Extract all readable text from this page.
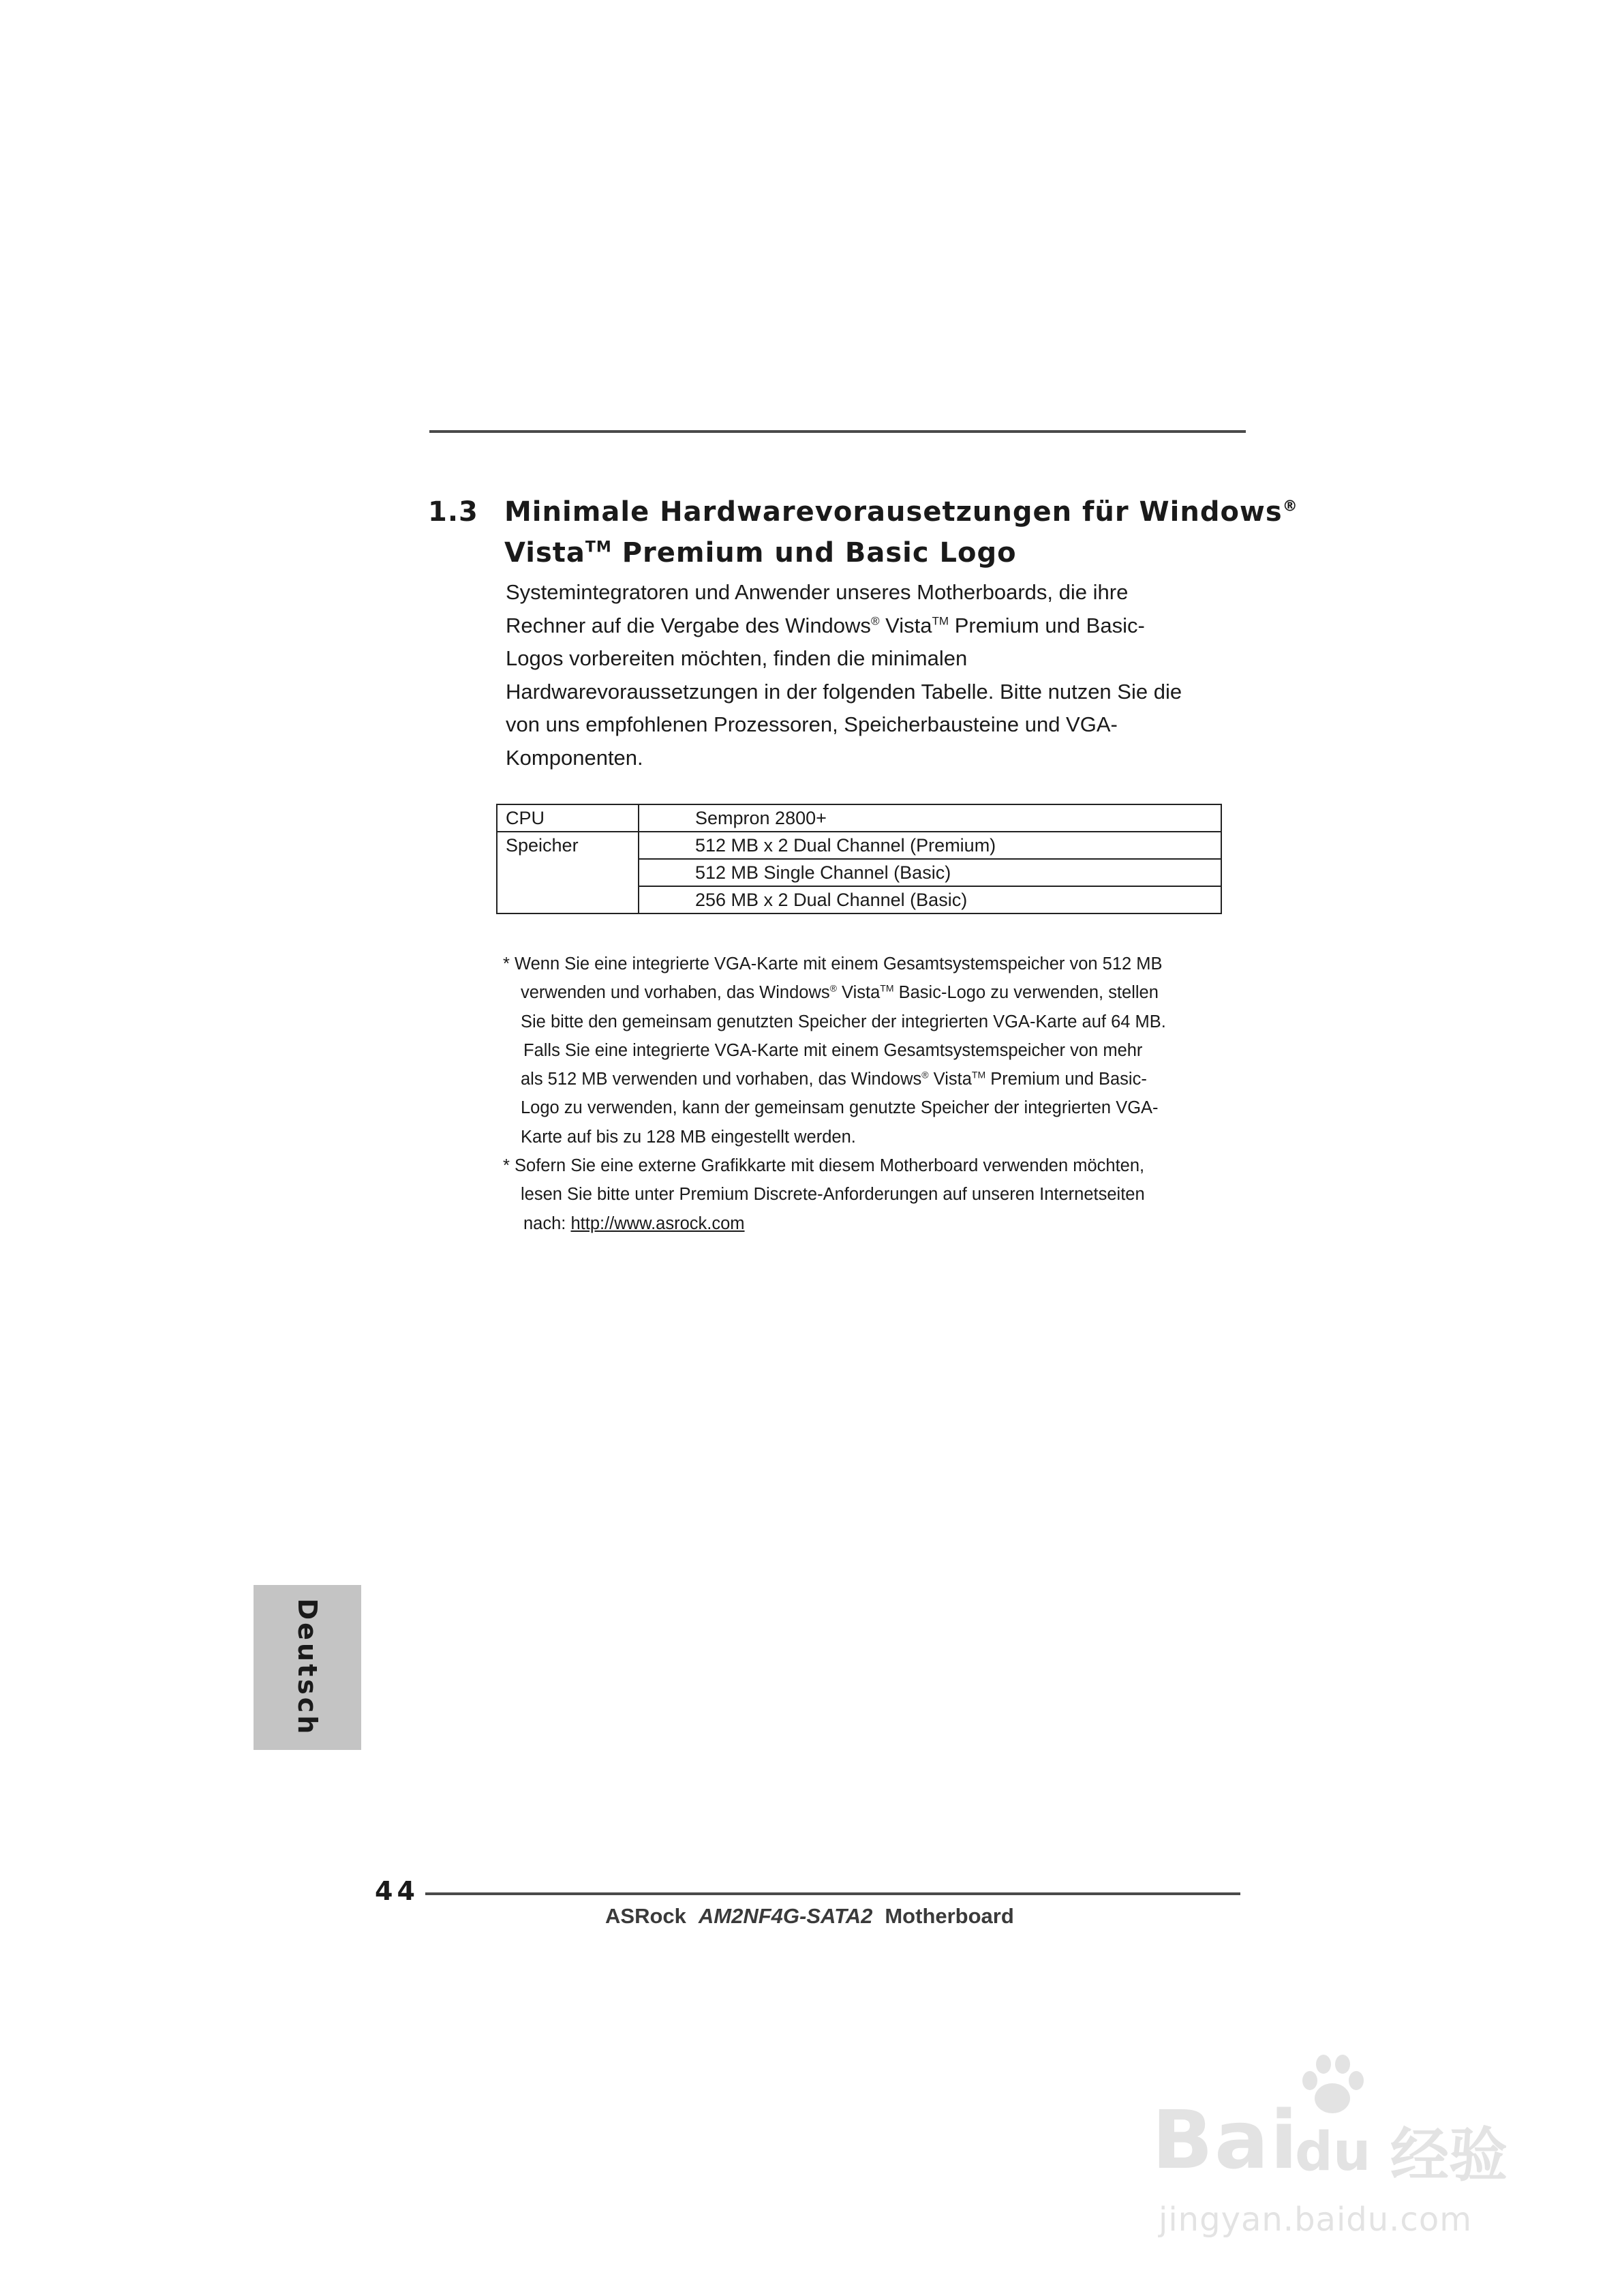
1.3 Minimale Hardwarevorausetzungen für Windows®
Vista™ Premium und Basic Logo

Systemintegratoren und Anwender unseres Motherboards, die ihre

Rechner auf die Vergabe des Windows® Vista™ Premium und Basic-

Logos vorbereiten möchten, finden die minimalen

Hardwarevoraussetzungen in der folgenden Tabelle. Bitte nutzen Sie die

von uns empfohlenen Prozessoren, Speicherbausteine und VGA-

Komponenten.

CPU	Sempron 2800+
Speicher	512 MB x 2 Dual Channel (Premium)
	512 MB Single Channel (Basic)
	256 MB x 2 Dual Channel (Basic)

* Wenn Sie eine integrierte VGA-Karte mit einem Gesamtsystemspeicher von 512 MB

verwenden und vorhaben, das Windows® Vista™ Basic-Logo zu verwenden, stellen

Sie bitte den gemeinsam genutzten Speicher der integrierten VGA-Karte auf 64 MB.

Falls Sie eine integrierte VGA-Karte mit einem Gesamtsystemspeicher von mehr

als 512 MB verwenden und vorhaben, das Windows® Vista™ Premium und Basic-

Logo zu verwenden, kann der gemeinsam genutzte Speicher der integrierten VGA-

Karte auf bis zu 128 MB eingestellt werden.

* Sofern Sie eine externe Grafikkarte mit diesem Motherboard verwenden möchten,

lesen Sie bitte unter Premium Discrete-Anforderungen auf unseren Internetseiten

nach: http://www.asrock.com

Deutsch
44
ASRock AM2NF4G-SATA2 Motherboard
Bai
du 经验
jingyan.baidu.com
